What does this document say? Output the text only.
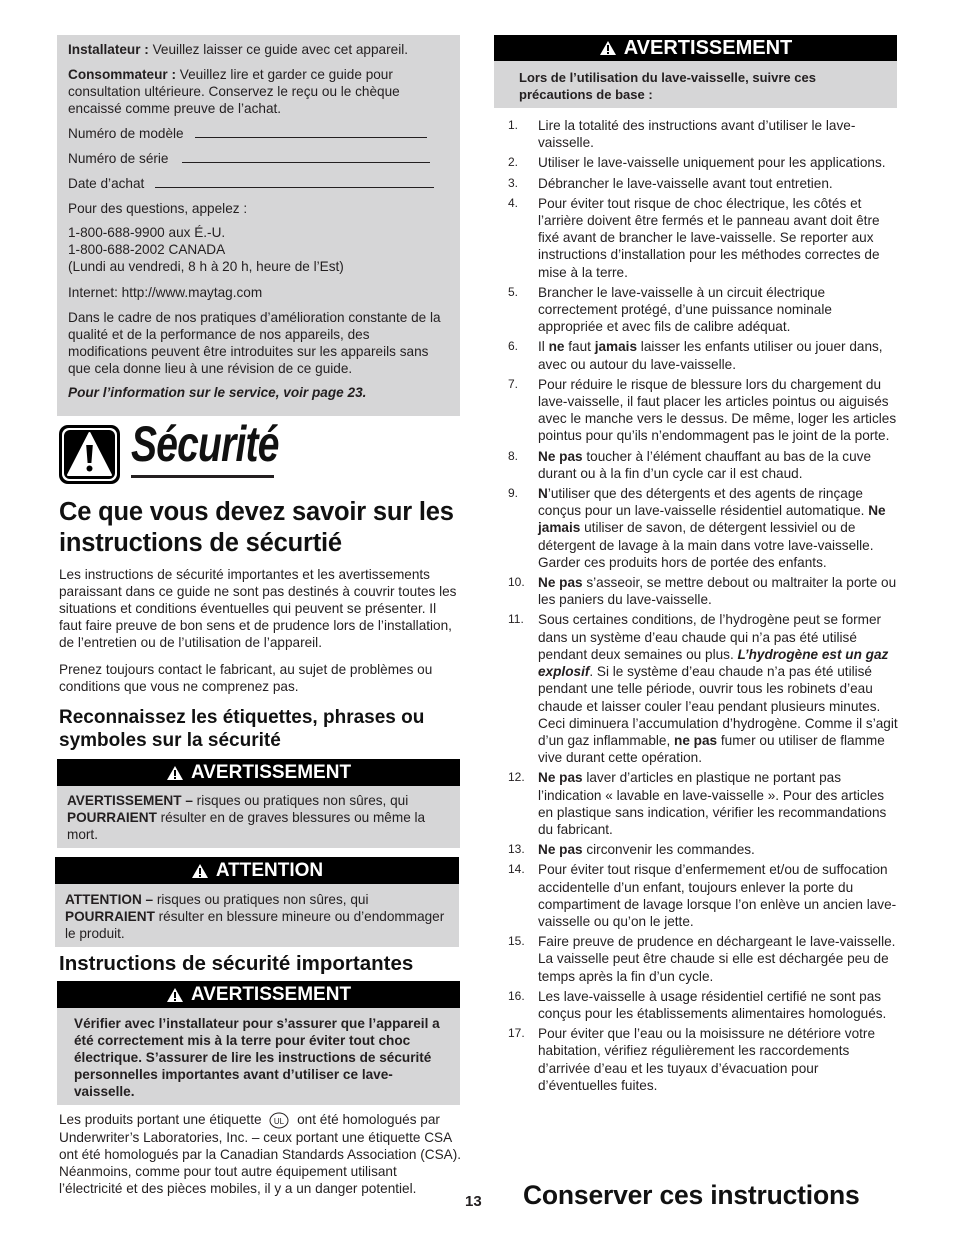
Installateur : Veuillez laisser ce guide avec cet appareil.
Consommateur : Veuillez lire et garder ce guide pour consultation ultérieure. Conservez le reçu ou le chèque encaissé comme preuve de l’achat.
Numéro de modèle
Numéro de série
Date d’achat
Pour des questions, appelez :
1-800-688-9900 aux É.-U.
1-800-688-2002 CANADA
(Lundi au vendredi, 8 h à 20 h, heure de l’Est)
Internet: http://www.maytag.com
Dans le cadre de nos pratiques d’amélioration constante de la qualité et de la performance de nos appareils, des modifications peuvent être introduites sur les appareils sans que cela donne lieu à une révision de ce guide.
Pour l’information sur le service, voir page 23.
Sécurité
Ce que vous devez savoir sur les instructions de sécurtié
Les instructions de sécurité importantes et les avertissements paraissant dans ce guide ne sont pas destinés à couvrir toutes les situations et conditions éventuelles qui peuvent se présenter. Il faut faire preuve de bon sens et de prudence lors de l’installation, de l’entretien ou de l’utilisation de l’appareil.
Prenez toujours contact le fabricant, au sujet de problèmes ou conditions que vous ne comprenez pas.
Reconnaissez les étiquettes, phrases ou symboles sur la sécurité
AVERTISSEMENT
AVERTISSEMENT – risques ou pratiques non sûres, qui POURRAIENT résulter en de graves blessures ou même la mort.
ATTENTION
ATTENTION – risques ou pratiques non sûres, qui POURRAIENT résulter en blessure mineure ou d’endommager le produit.
Instructions de sécurité importantes
AVERTISSEMENT
Vérifier avec l’installateur pour s’assurer que l’appareil a été correctement mis à la terre pour éviter tout choc électrique. S’assurer de lire les instructions de sécurité personnelles importantes avant d’utiliser ce lave-vaisselle.
Les produits portant une étiquette UL ont été homologués par Underwriter’s Laboratories, Inc. – ceux portant une étiquette CSA ont été homologués par la Canadian Standards Association (CSA). Néanmoins, comme pour tout autre équipement utilisant l’électricité et des pièces mobiles, il y a un danger potentiel.
13
AVERTISSEMENT
Lors de l’utilisation du lave-vaisselle, suivre ces précautions de base :
1. Lire la totalité des instructions avant d’utiliser le lave-vaisselle.
2. Utiliser le lave-vaisselle uniquement pour les applications.
3. Débrancher le lave-vaisselle avant tout entretien.
4. Pour éviter tout risque de choc électrique, les côtés et l’arrière doivent être fermés et le panneau avant doit être fixé avant de brancher le lave-vaisselle. Se reporter aux instructions d’installation pour les méthodes correctes de mise à la terre.
5. Brancher le lave-vaisselle à un circuit électrique correctement protégé, d’une puissance nominale appropriée et avec fils de calibre adéquat.
6. Il ne faut jamais laisser les enfants utiliser ou jouer dans, avec ou autour du lave-vaisselle.
7. Pour réduire le risque de blessure lors du chargement du lave-vaisselle, il faut placer les articles pointus ou aiguisés avec le manche vers le dessus. De même, loger les articles pointus pour qu’ils n’endommagent pas le joint de la porte.
8. Ne pas toucher à l’élément chauffant au bas de la cuve durant ou à la fin d’un cycle car il est chaud.
9. N’utiliser que des détergents et des agents de rinçage conçus pour un lave-vaisselle résidentiel automatique. Ne jamais utiliser de savon, de détergent lessiviel ou de détergent de lavage à la main dans votre lave-vaisselle. Garder ces produits hors de portée des enfants.
10. Ne pas s’asseoir, se mettre debout ou maltraiter la porte ou les paniers du lave-vaisselle.
11. Sous certaines conditions, de l’hydrogène peut se former dans un système d’eau chaude qui n’a pas été utilisé pendant deux semaines ou plus. L’hydrogène est un gaz explosif. Si le système d’eau chaude n’a pas été utilisé pendant une telle période, ouvrir tous les robinets d’eau chaude et laisser couler l’eau pendant plusieurs minutes. Ceci diminuera l’accumulation d’hydrogène. Comme il s’agit d’un gaz inflammable, ne pas fumer ou utiliser de flamme vive durant cette opération.
12. Ne pas laver d’articles en plastique ne portant pas l’indication « lavable en lave-vaisselle ». Pour des articles en plastique sans indication, vérifier les recommandations du fabricant.
13. Ne pas circonvenir les commandes.
14. Pour éviter tout risque d’enfermement et/ou de suffocation accidentelle d’un enfant, toujours enlever la porte du compartiment de lavage lorsque l’on enlève un ancien lave-vaisselle ou qu’on le jette.
15. Faire preuve de prudence en déchargeant le lave-vaisselle. La vaisselle peut être chaude si elle est déchargée peu de temps après la fin d’un cycle.
16. Les lave-vaisselle à usage résidentiel certifié ne sont pas conçus pour les établissements alimentaires homologués.
17. Pour éviter que l’eau ou la moisissure ne détériore votre habitation, vérifiez régulièrement les raccordements d’arrivée d’eau et les tuyaux d’évacuation pour d’éventuelles fuites.
Conserver ces instructions
